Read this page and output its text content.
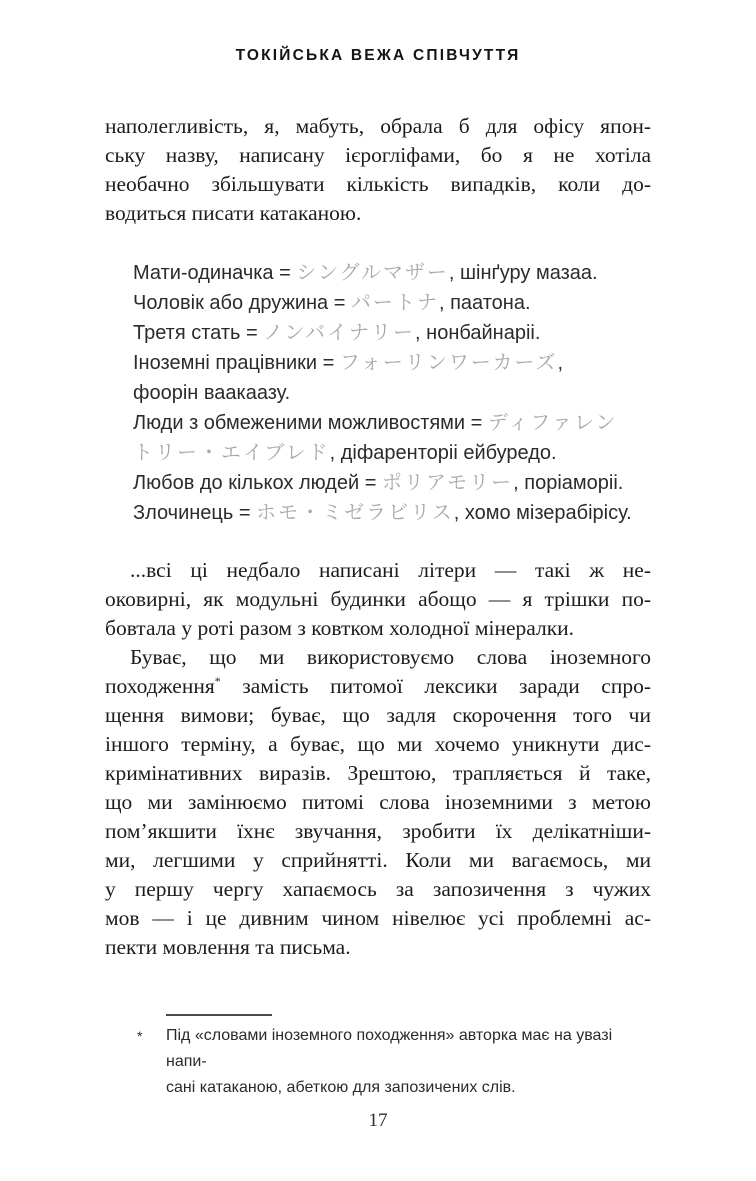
ТОКІЙСЬКА ВЕЖА СПІВЧУТТЯ
наполегливість, я, мабуть, обрала б для офісу япон-
ську назву, написану ієрогліфами, бо я не хотіла
необачно збільшувати кількість випадків, коли до-
водиться писати катаканою.
Мати-одиначка = シングルマザー, шінґуру мазаа.
Чоловік або дружина = パートナ, паатона.
Третя стать = ノンバイナリー, нонбайнаріі.
Іноземні працівники = フォーリンワーカーズ,
фоорін ваакаазу.
Люди з обмеженими можливостями = ディファレン
トリー・エイブレド, діфаренторіі ейбуредо.
Любов до кількох людей = ポリアモリー, поріаморіі.
Злочинець = ホモ・ミゼラビリス, хомо мізерабірісу.
...всі ці недбало написані літери — такі ж не-
оковирні, як модульні будинки абощо — я трішки по-
бовтала у роті разом з ковтком холодної мінералки.
Буває, що ми використовуємо слова іноземного
походження* замість питомої лексики заради спро-
щення вимови; буває, що задля скорочення того чи
іншого терміну, а буває, що ми хочемо уникнути дис-
кримінативних виразів. Зрештою, трапляється й таке,
що ми замінюємо питомі слова іноземними з метою
пом’якшити їхнє звучання, зробити їх делікатніши-
ми, легшими у сприйнятті. Коли ми вагаємось, ми
у першу чергу хапаємось за запозичення з чужих
мов — і це дивним чином нівелює усі проблемні ас-
пекти мовлення та письма.
* Під «словами іноземного походження» авторка має на увазі напи-
сані катаканою, абеткою для запозичених слів.
17
